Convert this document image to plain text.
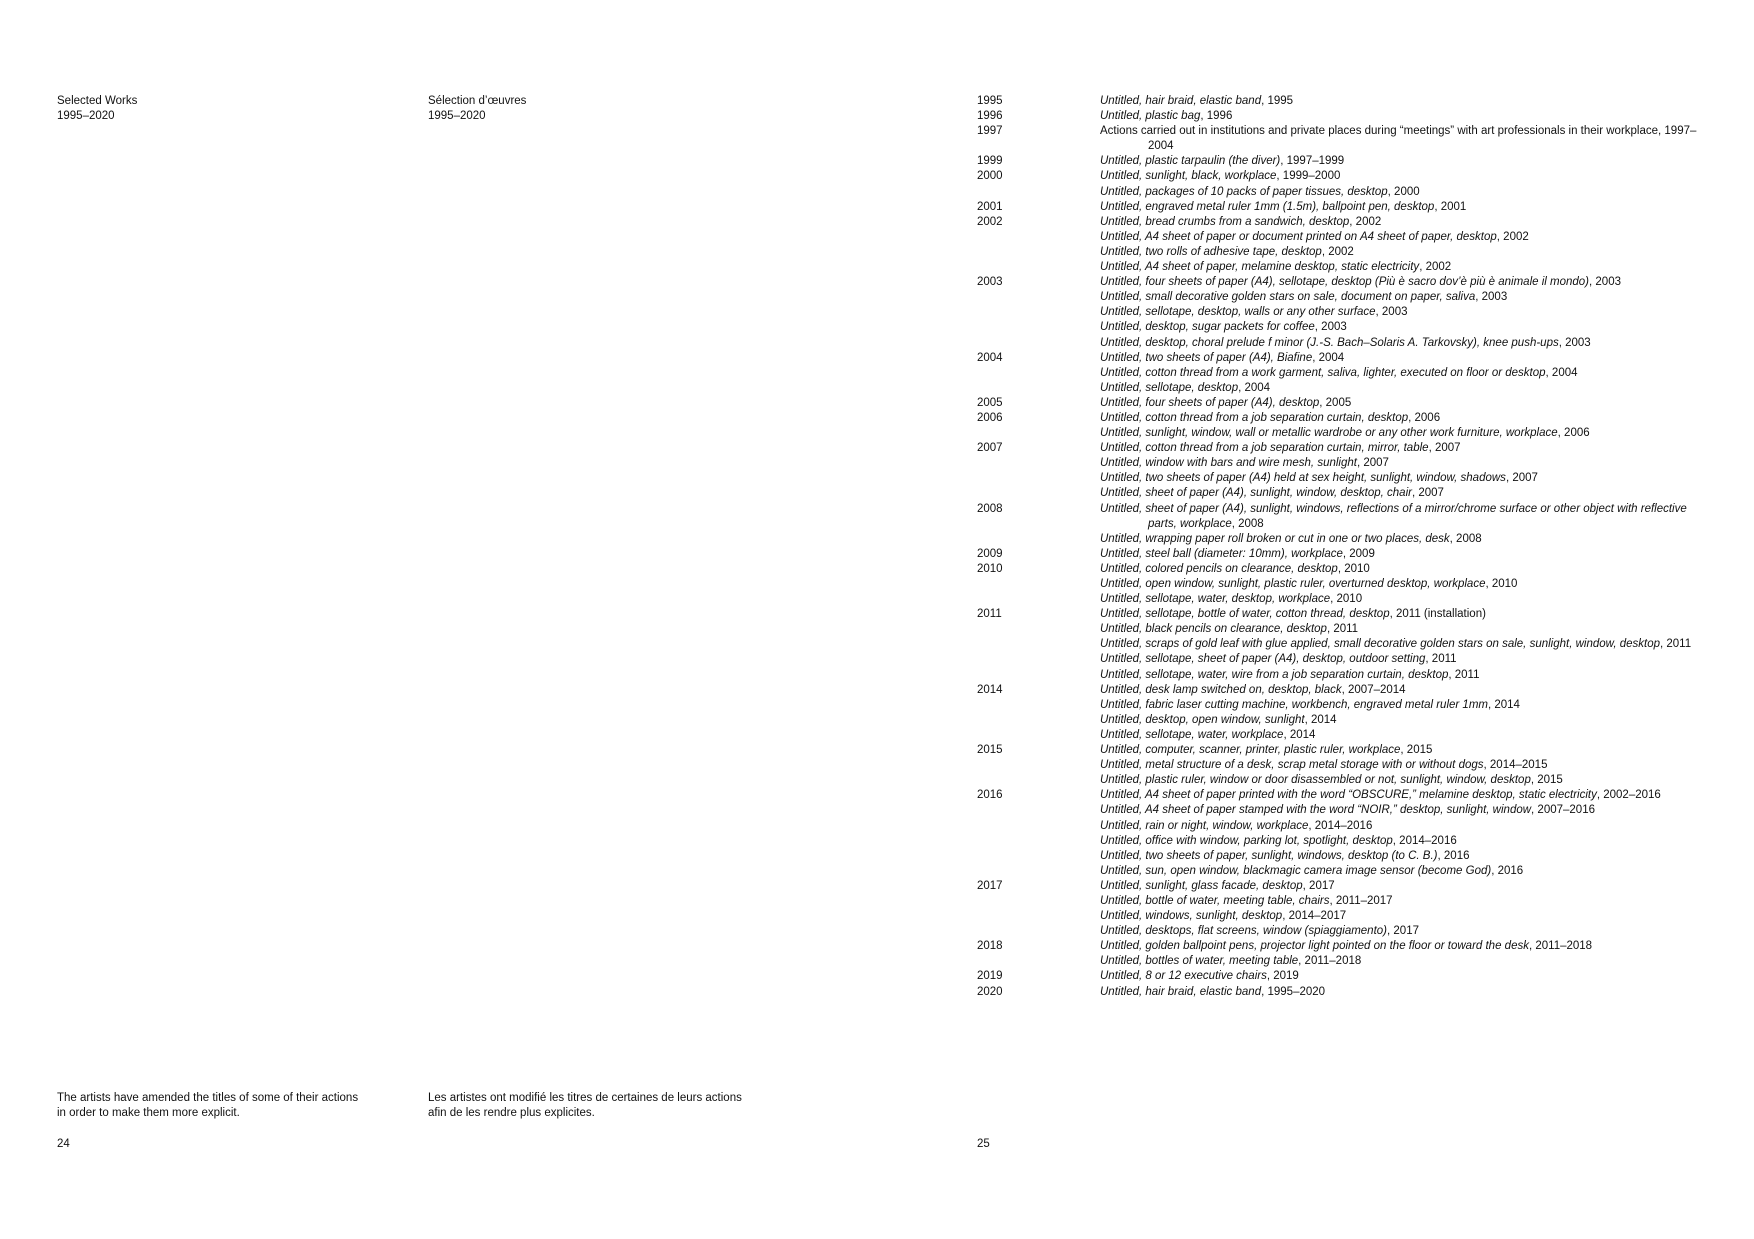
Selected Works
1995–2020
Sélection d’œuvres
1995–2020
The artists have amended the titles of some of their actions
in order to make them more explicit.
Les artistes ont modifié les titres de certaines de leurs actions
afin de les rendre plus explicites.
24
1995	Untitled, hair braid, elastic band, 1995
1996	Untitled, plastic bag, 1996
1997	Actions carried out in institutions and private places during “meetings” with art professionals in their workplace, 1997–2004
1999	Untitled, plastic tarpaulin (the diver), 1997–1999
2000	Untitled, sunlight, black, workplace, 1999–2000
Untitled, packages of 10 packs of paper tissues, desktop, 2000
2001	Untitled, engraved metal ruler 1mm (1.5m), ballpoint pen, desktop, 2001
2002	Untitled, bread crumbs from a sandwich, desktop, 2002
Untitled, A4 sheet of paper or document printed on A4 sheet of paper, desktop, 2002
Untitled, two rolls of adhesive tape, desktop, 2002
Untitled, A4 sheet of paper, melamine desktop, static electricity, 2002
2003	Untitled, four sheets of paper (A4), sellotape, desktop (Più è sacro dov’è più è animale il mondo), 2003
Untitled, small decorative golden stars on sale, document on paper, saliva, 2003
Untitled, sellotape, desktop, walls or any other surface, 2003
Untitled, desktop, sugar packets for coffee, 2003
Untitled, desktop, choral prelude f minor (J.-S. Bach–Solaris A. Tarkovsky), knee push-ups, 2003
2004	Untitled, two sheets of paper (A4), Biafine, 2004
Untitled, cotton thread from a work garment, saliva, lighter, executed on floor or desktop, 2004
Untitled, sellotape, desktop, 2004
2005	Untitled, four sheets of paper (A4), desktop, 2005
2006	Untitled, cotton thread from a job separation curtain, desktop, 2006
Untitled, sunlight, window, wall or metallic wardrobe or any other work furniture, workplace, 2006
2007	Untitled, cotton thread from a job separation curtain, mirror, table, 2007
Untitled, window with bars and wire mesh, sunlight, 2007
Untitled, two sheets of paper (A4) held at sex height, sunlight, window, shadows, 2007
Untitled, sheet of paper (A4), sunlight, window, desktop, chair, 2007
2008	Untitled, sheet of paper (A4), sunlight, windows, reflections of a mirror/chrome surface or other object with reflective parts, workplace, 2008
Untitled, wrapping paper roll broken or cut in one or two places, desk, 2008
2009	Untitled, steel ball (diameter: 10mm), workplace, 2009
2010	Untitled, colored pencils on clearance, desktop, 2010
Untitled, open window, sunlight, plastic ruler, overturned desktop, workplace, 2010
Untitled, sellotape, water, desktop, workplace, 2010
2011	Untitled, sellotape, bottle of water, cotton thread, desktop, 2011 (installation)
Untitled, black pencils on clearance, desktop, 2011
Untitled, scraps of gold leaf with glue applied, small decorative golden stars on sale, sunlight, window, desktop, 2011
Untitled, sellotape, sheet of paper (A4), desktop, outdoor setting, 2011
Untitled, sellotape, water, wire from a job separation curtain, desktop, 2011
2014	Untitled, desk lamp switched on, desktop, black, 2007–2014
Untitled, fabric laser cutting machine, workbench, engraved metal ruler 1mm, 2014
Untitled, desktop, open window, sunlight, 2014
Untitled, sellotape, water, workplace, 2014
2015	Untitled, computer, scanner, printer, plastic ruler, workplace, 2015
Untitled, metal structure of a desk, scrap metal storage with or without dogs, 2014–2015
Untitled, plastic ruler, window or door disassembled or not, sunlight, window, desktop, 2015
2016	Untitled, A4 sheet of paper printed with the word “OBSCURE,” melamine desktop, static electricity, 2002–2016
Untitled, A4 sheet of paper stamped with the word “NOIR,” desktop, sunlight, window, 2007–2016
Untitled, rain or night, window, workplace, 2014–2016
Untitled, office with window, parking lot, spotlight, desktop, 2014–2016
Untitled, two sheets of paper, sunlight, windows, desktop (to C. B.), 2016
Untitled, sun, open window, blackmagic camera image sensor (become God), 2016
2017	Untitled, sunlight, glass facade, desktop, 2017
Untitled, bottle of water, meeting table, chairs, 2011–2017
Untitled, windows, sunlight, desktop, 2014–2017
Untitled, desktops, flat screens, window (spiaggiamento), 2017
2018	Untitled, golden ballpoint pens, projector light pointed on the floor or toward the desk, 2011–2018
Untitled, bottles of water, meeting table, 2011–2018
2019	Untitled, 8 or 12 executive chairs, 2019
2020	Untitled, hair braid, elastic band, 1995–2020
25
